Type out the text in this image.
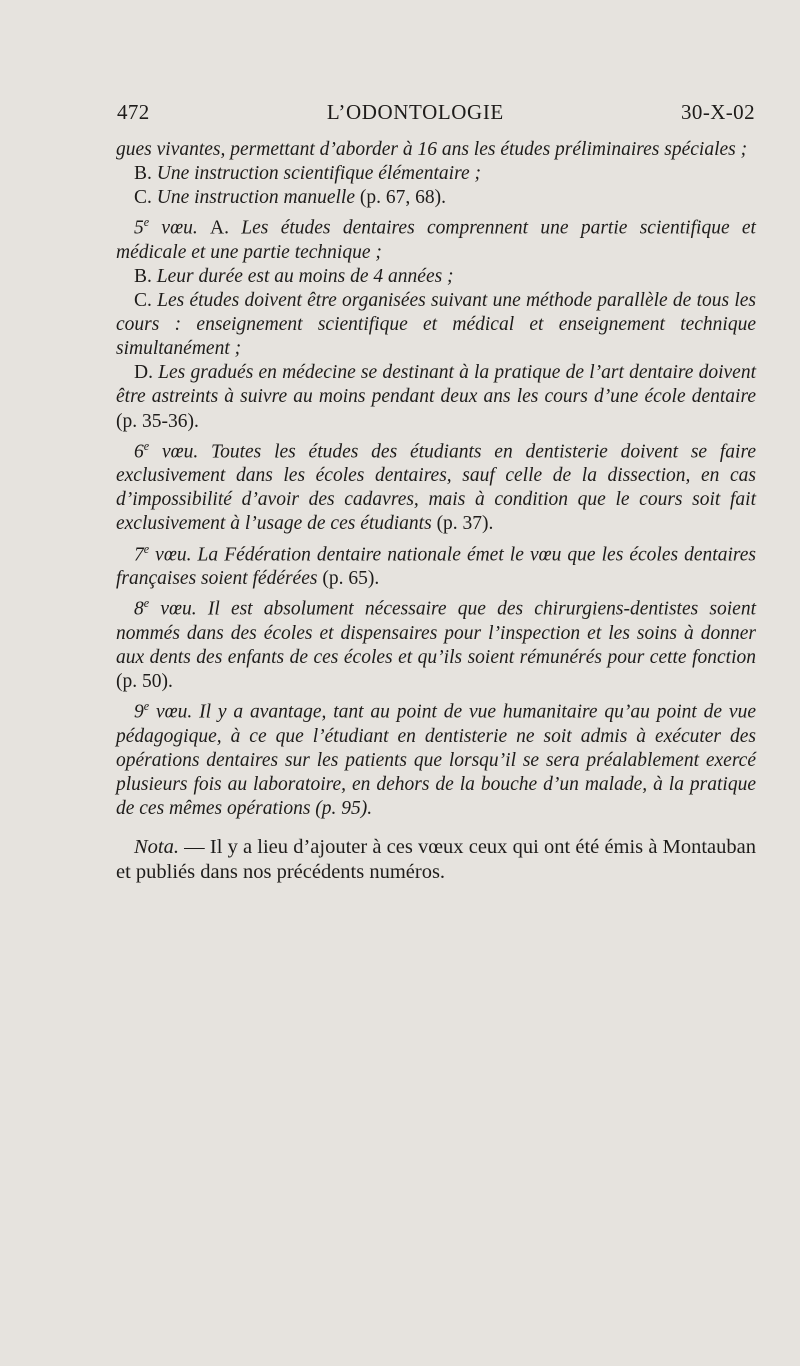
472	L’ODONTOLOGIE	30-X-02

gues vivantes, permettant d’aborder à 16 ans les études préliminaires spéciales ;

B. Une instruction scientifique élémentaire ;

C. Une instruction manuelle (p. 67, 68).

5e vœu. A. Les études dentaires comprennent une partie scientifique et médicale et une partie technique ;

B. Leur durée est au moins de 4 années ;

C. Les études doivent être organisées suivant une méthode parallèle de tous les cours : enseignement scientifique et médical et enseignement technique simultanément ;

D. Les gradués en médecine se destinant à la pratique de l’art dentaire doivent être astreints à suivre au moins pendant deux ans les cours d’une école dentaire (p. 35-36).

6e vœu. Toutes les études des étudiants en dentisterie doivent se faire exclusivement dans les écoles dentaires, sauf celle de la dissection, en cas d’impossibilité d’avoir des cadavres, mais à condition que le cours soit fait exclusivement à l’usage de ces étudiants (p. 37).

7e vœu. La Fédération dentaire nationale émet le vœu que les écoles dentaires françaises soient fédérées (p. 65).

8e vœu. Il est absolument nécessaire que des chirurgiens-dentistes soient nommés dans des écoles et dispensaires pour l’inspection et les soins à donner aux dents des enfants de ces écoles et qu’ils soient rémunérés pour cette fonction (p. 50).

9e vœu. Il y a avantage, tant au point de vue humanitaire qu’au point de vue pédagogique, à ce que l’étudiant en dentisterie ne soit admis à exécuter des opérations dentaires sur les patients que lorsqu’il se sera préalablement exercé plusieurs fois au laboratoire, en dehors de la bouche d’un malade, à la pratique de ces mêmes opérations (p. 95).

Nota. — Il y a lieu d’ajouter à ces vœux ceux qui ont été émis à Montauban et publiés dans nos précédents numéros.
